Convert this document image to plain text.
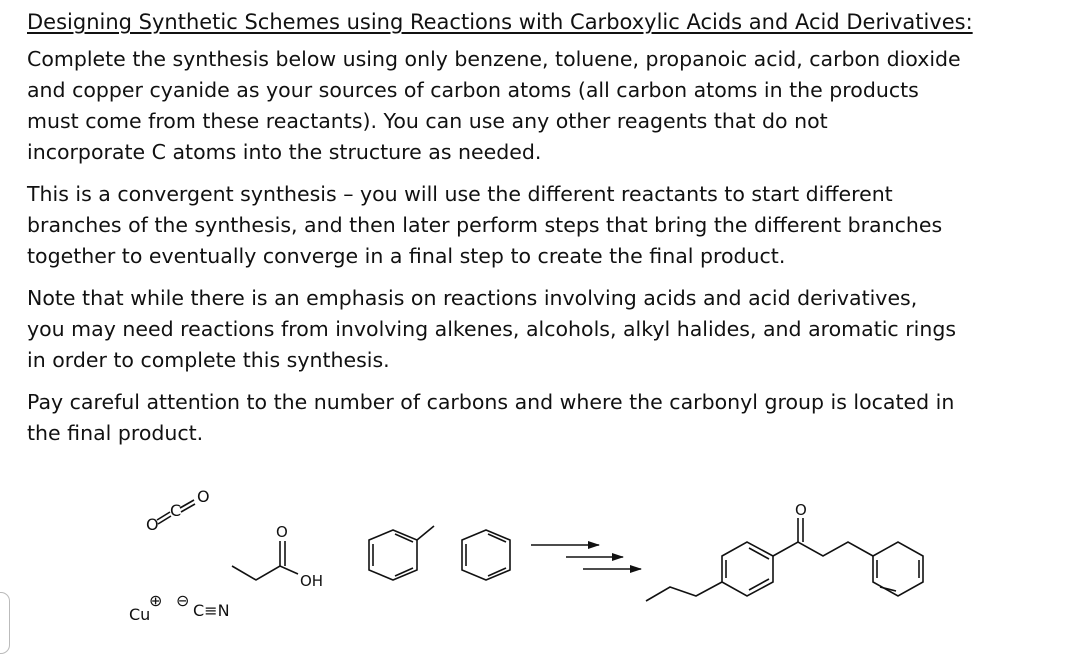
Designing Synthetic Schemes using Reactions with Carboxylic Acids and Acid Derivatives:

Complete the synthesis below using only benzene, toluene, propanoic acid, carbon dioxide
and copper cyanide as your sources of carbon atoms (all carbon atoms in the products
must come from these reactants). You can use any other reagents that do not
incorporate C atoms into the structure as needed.

This is a convergent synthesis – you will use the different reactants to start different
branches of the synthesis, and then later perform steps that bring the different branches
together to eventually converge in a final step to create the final product.

Note that while there is an emphasis on reactions involving acids and acid derivatives,
you may need reactions from involving alkenes, alcohols, alkyl halides, and aromatic rings
in order to complete this synthesis.

Pay careful attention to the number of carbons and where the carbonyl group is located in
the final product.

O
C
O
Cu
⊕ ⊖
C≡N
O
OH
O
